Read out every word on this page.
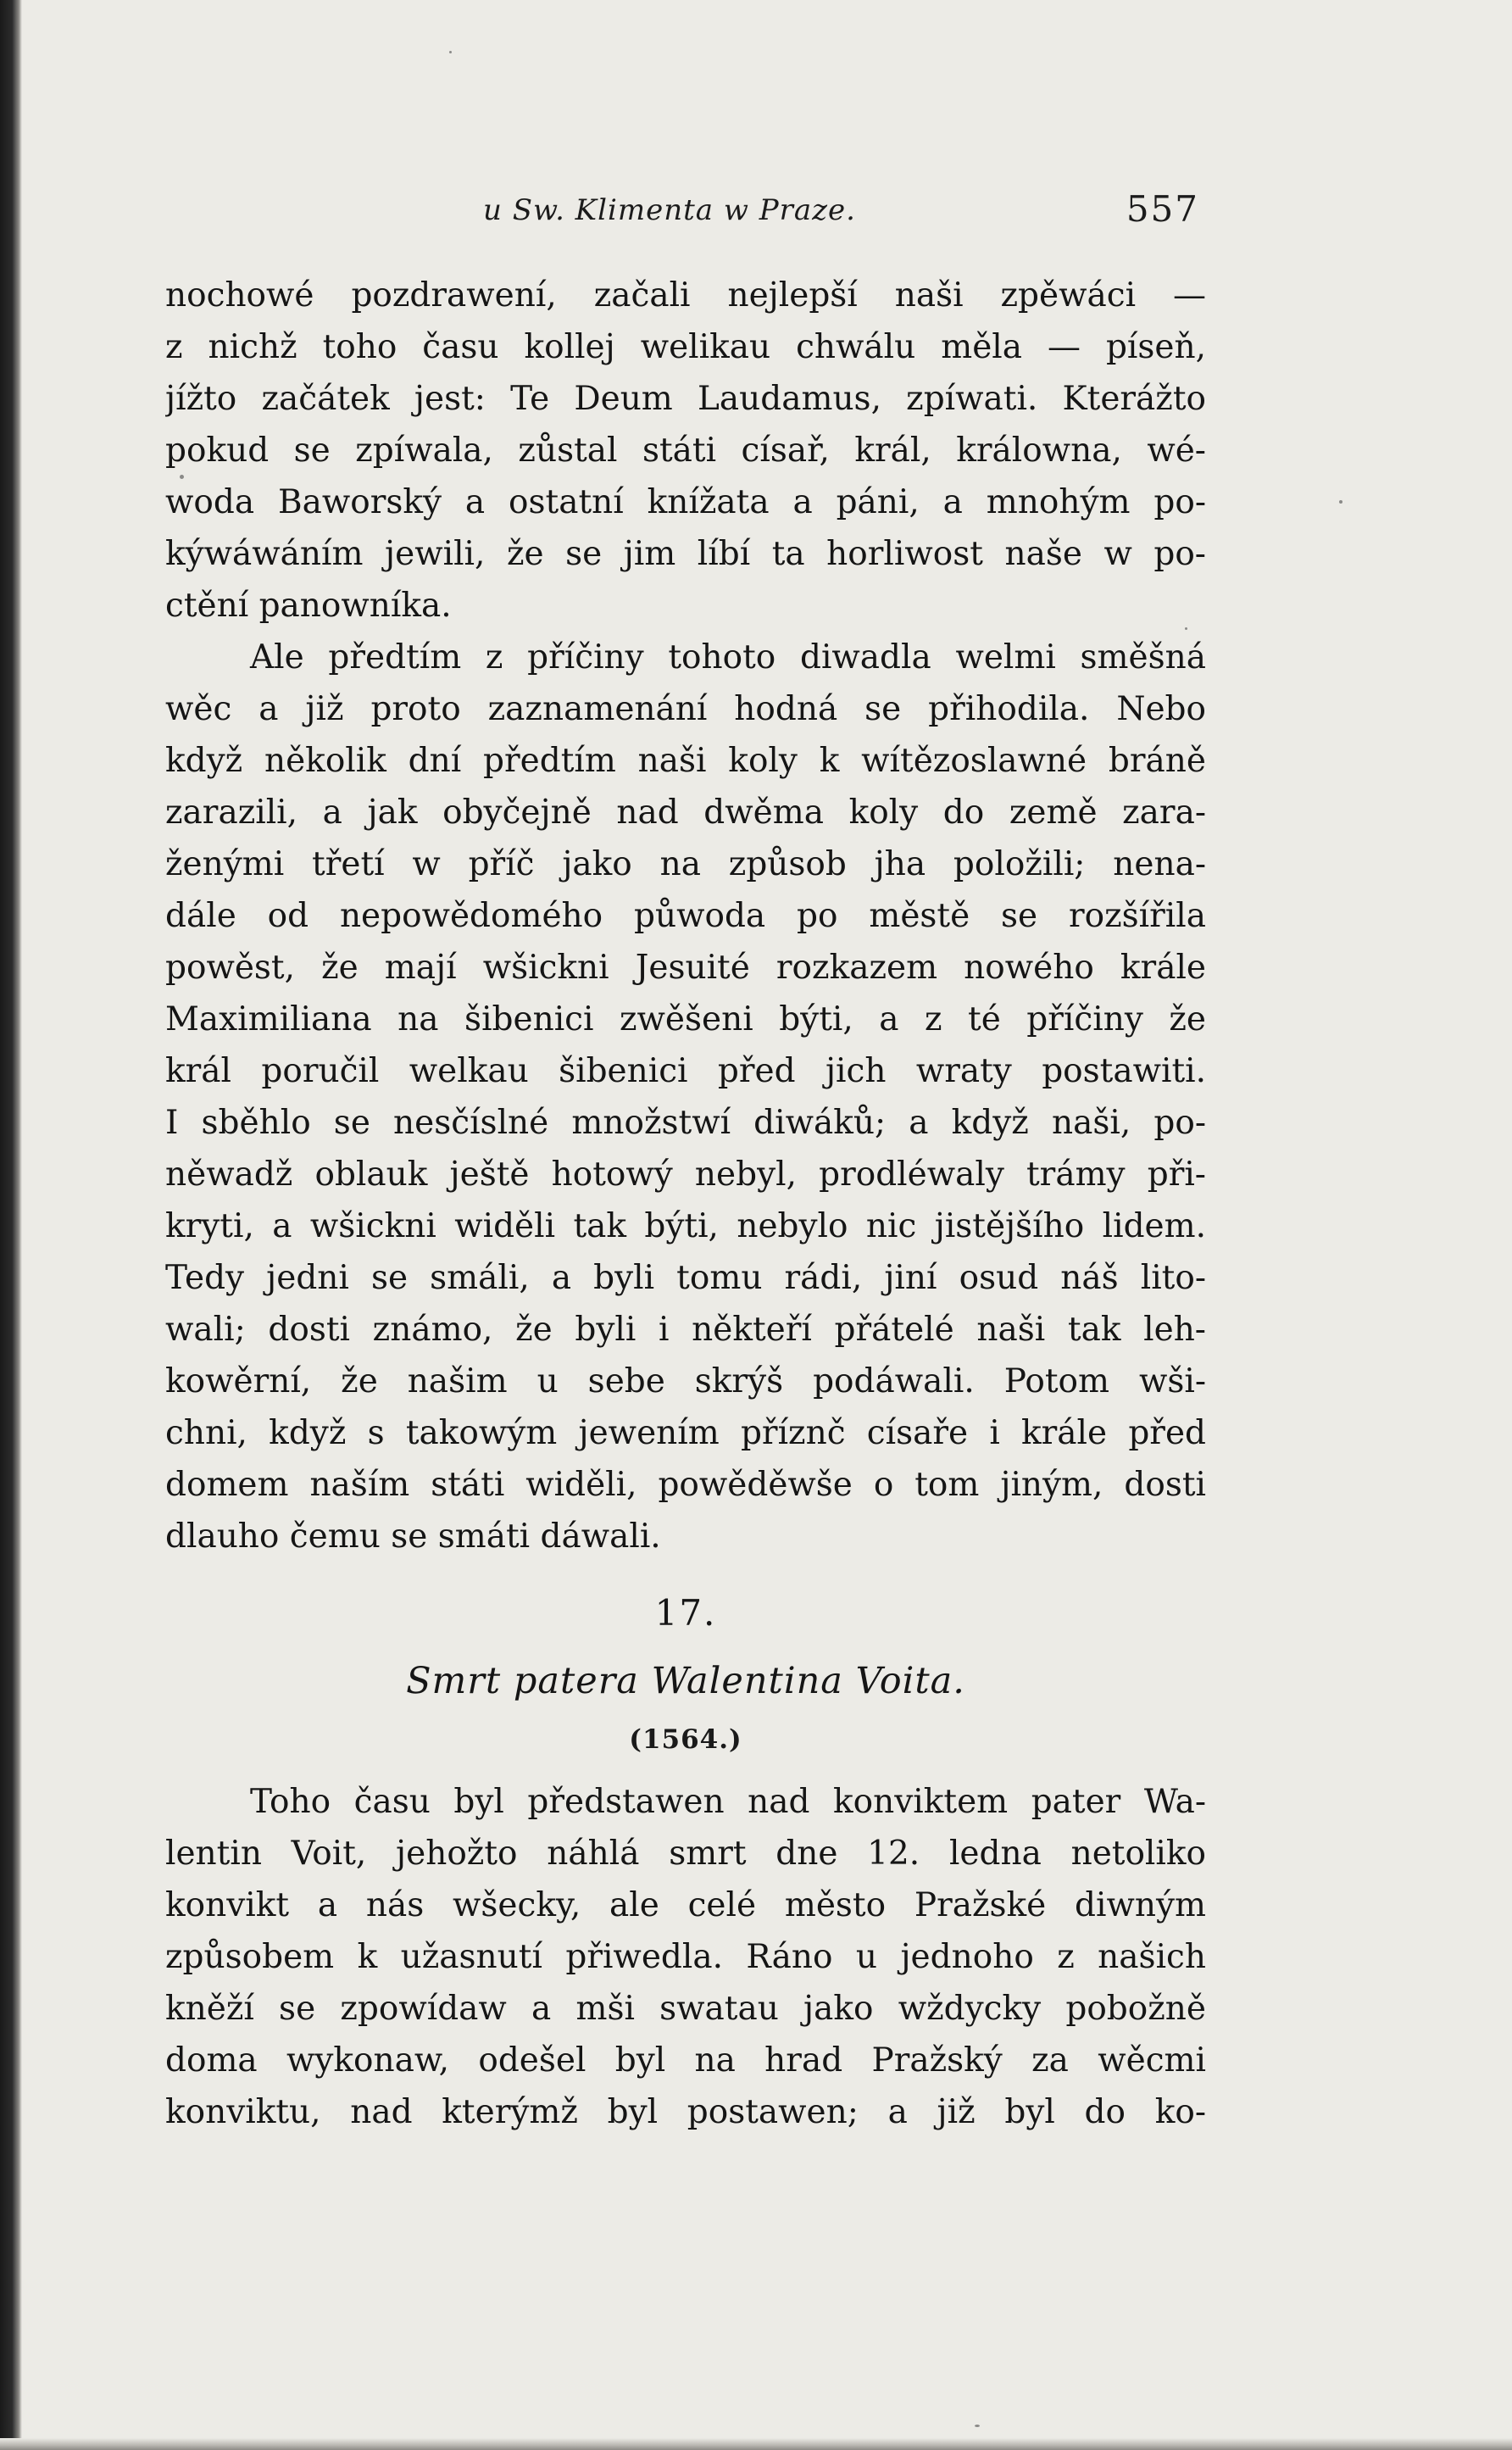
u Sw. Klimenta w Praze.	557
nochowé pozdrawení, začali nejlepší naši zpěwáci —
z nichž toho času kollej welikau chwálu měla — píseň,
jížto začátek jest: Te Deum Laudamus, zpíwati. Kterážto
pokud se zpíwala, zůstal státi císař, král, králowna, wé-
woda Baworský a ostatní knížata a páni, a mnohým po-
kýwáwáním jewili, že se jim líbí ta horliwost naše w po-
ctění panowníka.
Ale předtím z příčiny tohoto diwadla welmi směšná
wěc a již proto zaznamenání hodná se přihodila. Nebo
když několik dní předtím naši koly k wítězoslawné bráně
zarazili, a jak obyčejně nad dwěma koly do země zara-
ženými třetí w příč jako na způsob jha položili; nena-
dále od nepowědomého půwoda po městě se rozšířila
powěst, že mají wšickni Jesuité rozkazem nowého krále
Maximiliana na šibenici zwěšeni býti, a z té příčiny že
král poručil welkau šibenici před jich wraty postawiti.
I sběhlo se nesčíslné množstwí diwáků; a když naši, po-
něwadž oblauk ještě hotowý nebyl, prodléwaly trámy při-
kryti, a wšickni widěli tak býti, nebylo nic jistějšího lidem.
Tedy jedni se smáli, a byli tomu rádi, jiní osud náš lito-
wali; dosti známo, že byli i někteří přátelé naši tak leh-
kowěrní, že našim u sebe skrýš podáwali. Potom wši-
chni, když s takowým jewením příznč císaře i krále před
domem naším státi widěli, powěděwše o tom jiným, dosti
dlauho čemu se smáti dáwali.
17.
Smrt patera Walentina Voita.
(1564.)
Toho času byl předstawen nad konviktem pater Wa-
lentin Voit, jehožto náhlá smrt dne 12. ledna netoliko
konvikt a nás wšecky, ale celé město Pražské diwným
způsobem k užasnutí přiwedla. Ráno u jednoho z našich
kněží se zpowídaw a mši swatau jako wždycky pobožně
doma wykonaw, odešel byl na hrad Pražský za wěcmi
konviktu, nad kterýmž byl postawen; a již byl do ko-
